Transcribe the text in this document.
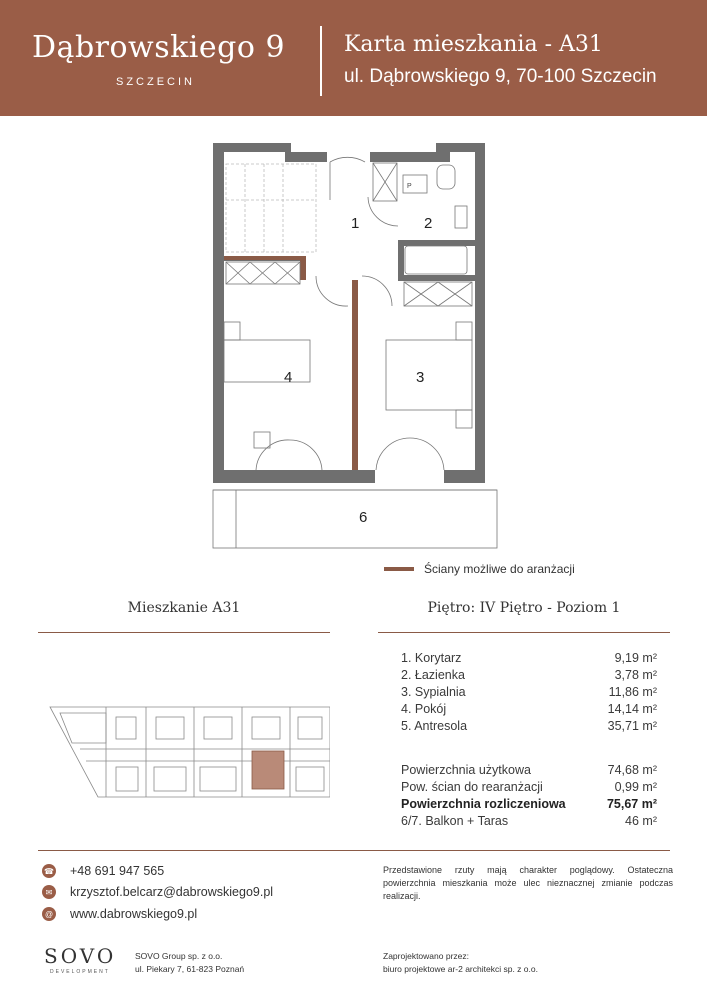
Dąbrowskiego 9
SZCZECIN
Karta mieszkania - A31
ul. Dąbrowskiego 9, 70-100 Szczecin
1	2
3
4
6
P
Ściany możliwe do aranżacji
Mieszkanie A31	Piętro: IV Piętro - Poziom 1
1. Korytarz	9,19 m²
2. Łazienka	3,78 m²
3. Sypialnia	11,86 m²
4. Pokój	14,14 m²
5. Antresola	35,71 m²
Powierzchnia użytkowa	74,68 m²
Pow. ścian do rearanżacji	0,99 m²
Powierzchnia rozliczeniowa	75,67 m²
6/7. Balkon + Taras	46 m²
☎ +48 691 947 565
✉ krzysztof.belcarz@dabrowskiego9.pl
@ www.dabrowskiego9.pl
Przedstawione rzuty mają charakter poglądowy. Ostateczna powierzchnia mieszkania może ulec nieznacznej zmianie podczas realizacji.
SOVO
DEVELOPMENT
SOVO Group sp. z o.o.
ul. Piekary 7, 61-823 Poznań
Zaprojektowano przez:
biuro projektowe ar-2 architekci sp. z o.o.
